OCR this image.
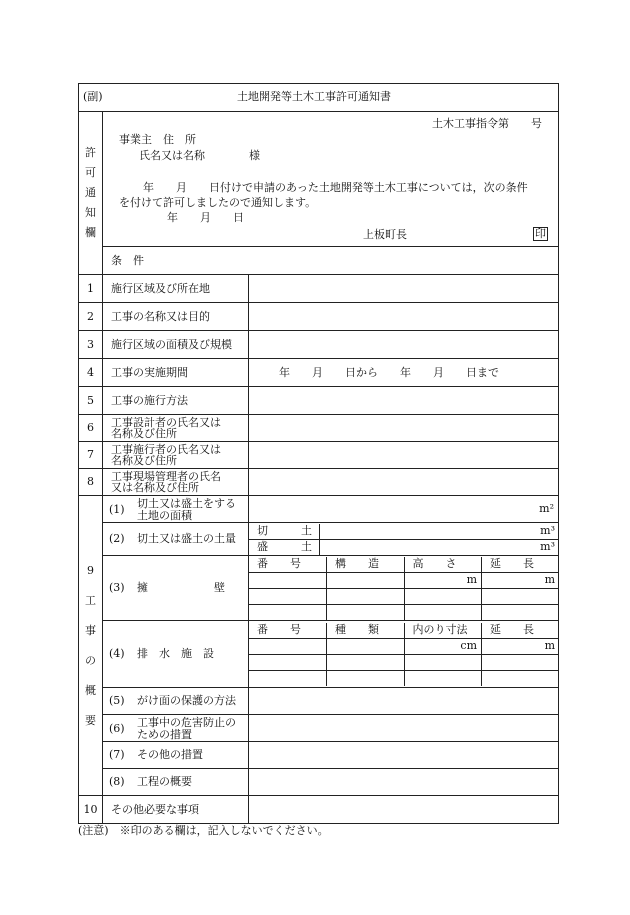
(副)	土地開発等土木工事許可通知書

許
可
通
知
欄

土木工事指令第　　号
事業主　住　所
氏名又は名称　　　　様
年　　月　　日付けで申請のあった土地開発等土木工事については，次の条件
を付けて許可しましたので通知します。
年　　月　　日
上板町長	印

条　件
1	施行区域及び所在地	
2	工事の名称又は目的	
3	施行区域の面積及び規模	
4	工事の実施期間	年　　月　　日から　　年　　月　　日まで
5	工事の施行方法	
6	工事設計者の氏名又は
名称及び住所

7	工事施行者の氏名又は
名称及び住所

8	工事現場管理者の氏名
又は名称及び住所

9
工
事
の
概
要

(1) 切土又は盛土をする
土地の面積
	m²

(2) 切土又は盛土の土量

切　　　土	m³
盛　　　土	m³

(3) 擁　　　　　　壁

番　　号	構　　造	高　　さ	延　　長
		m	m

(4) 排　水　施　設

番　　号	種　　類	内のり寸法	延　　長
		cm	m

(5) がけ面の保護の方法

(6) 工事中の危害防止の
ための措置

(7) その他の措置

(8) 工程の概要

10	その他必要な事項	
(注意)　※印のある欄は，記入しないでください。
